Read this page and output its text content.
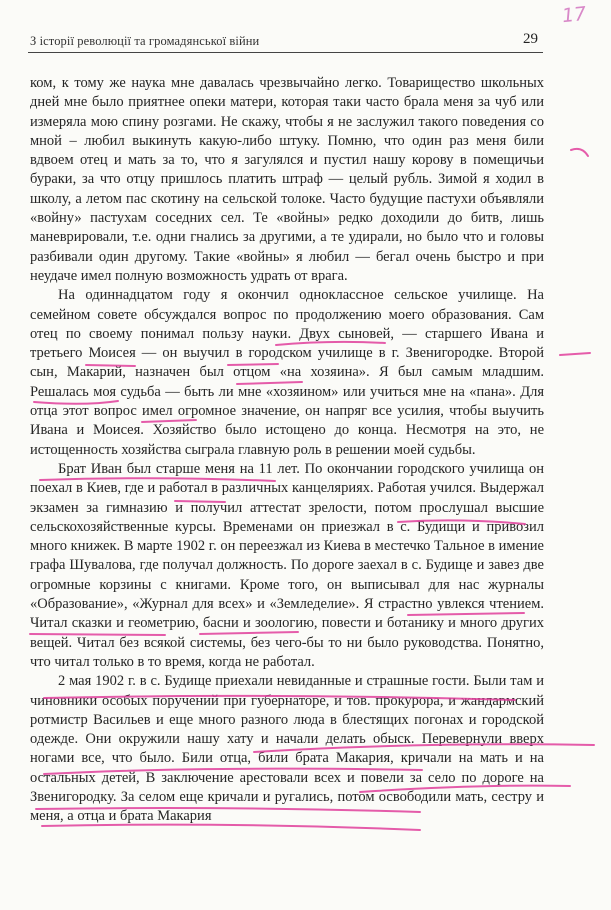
17
З історії революції та громадянської війни	29

ком, к тому же наука мне давалась чрезвычайно легко. Товарищество школьных дней мне было приятнее опеки матери, которая таки часто брала меня за чуб или измеряла мою спину розгами. Не скажу, чтобы я не заслужил такого поведения со мной – любил выкинуть какую-либо штуку. Помню, что один раз меня били вдвоем отец и мать за то, что я загулялся и пустил нашу корову в помещичьи бураки, за что отцу пришлось платить штраф — целый рубль. Зимой я ходил в школу, а летом пас скотину на сельской толоке. Часто будущие пастухи объявляли «войну» пастухам соседних сел. Те «войны» редко доходили до битв, лишь маневрировали, т.е. одни гнались за другими, а те удирали, но было что и головы разбивали один другому. Такие «войны» я любил — бегал очень быстро и при неудаче имел полную возможность удрать от врага.

На одиннадцатом году я окончил одноклассное сельское училище. На семейном совете обсуждался вопрос по продолжению моего образования. Сам отец по своему понимал пользу науки. Двух сыновей, — старшего Ивана и третьего Моисея — он выучил в городском училище в г. Звенигородке. Второй сын, Макарий, назначен был отцом «на хозяина». Я был самым младшим. Решалась моя судьба — быть ли мне «хозяином» или учиться мне на «пана». Для отца этот вопрос имел огромное значение, он напряг все усилия, чтобы выучить Ивана и Моисея. Хозяйство было истощено до конца. Несмотря на это, не истощенность хозяйства сыграла главную роль в решении моей судьбы.

Брат Иван был старше меня на 11 лет. По окончании городского училища он поехал в Киев, где и работал в различных канцеляриях. Работая учился. Выдержал экзамен за гимназию и получил аттестат зрелости, потом прослушал высшие сельскохозяйственные курсы. Временами он приезжал в с. Будищи и привозил много книжек. В марте 1902 г. он переезжал из Киева в местечко Тальное в имение графа Шувалова, где получал должность. По дороге заехал в с. Будище и завез две огромные корзины с книгами. Кроме того, он выписывал для нас журналы «Образование», «Журнал для всех» и «Земледелие». Я страстно увлекся чтением. Читал сказки и геометрию, басни и зоологию, повести и ботанику и много других вещей. Читал без всякой системы, без чего-бы то ни было руководства. Понятно, что читал только в то время, когда не работал.

2 мая 1902 г. в с. Будище приехали невиданные и страшные гости. Были там и чиновники особых поручений при губернаторе, и тов. прокурора, и жандармский ротмистр Васильев и еще много разного люда в блестящих погонах и городской одежде. Они окружили нашу хату и начали делать обыск. Перевернули вверх ногами все, что было. Били отца, били брата Макария, кричали на мать и на остальных детей, В заключение арестовали всех и повели за село по дороге на Звенигородку. За селом еще кричали и ругались, потом освободили мать, сестру и меня, а отца и брата Макария
